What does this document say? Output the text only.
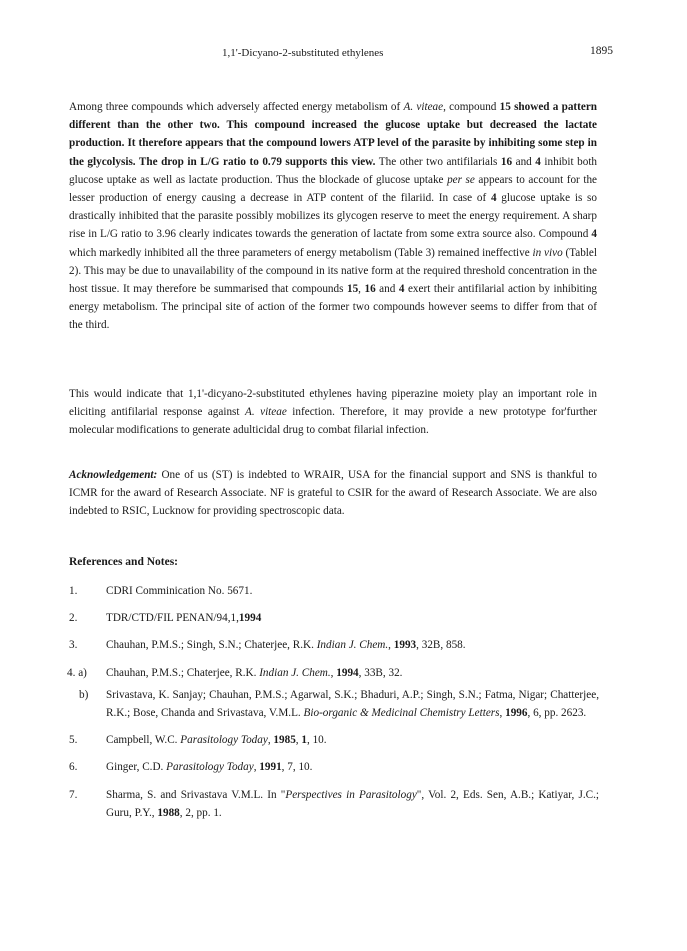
1,1'-Dicyano-2-substituted ethylenes	1895

Among three compounds which adversely affected energy metabolism of A. viteae, compound 15 showed a pattern different than the other two. This compound increased the glucose uptake but decreased the lactate production. It therefore appears that the compound lowers ATP level of the parasite by inhibiting some step in the glycolysis. The drop in L/G ratio to 0.79 supports this view. The other two antifilarials 16 and 4 inhibit both glucose uptake as well as lactate production. Thus the blockade of glucose uptake per se appears to account for the lesser production of energy causing a decrease in ATP content of the filariid. In case of 4 glucose uptake is so drastically inhibited that the parasite possibly mobilizes its glycogen reserve to meet the energy requirement. A sharp rise in L/G ratio to 3.96 clearly indicates towards the generation of lactate from some extra source also. Compound 4 which markedly inhibited all the three parameters of energy metabolism (Table 3) remained ineffective in vivo (Tablel 2). This may be due to unavailability of the compound in its native form at the required threshold concentration in the host tissue. It may therefore be summarised that compounds 15, 16 and 4 exert their antifilarial action by inhibiting energy metabolism. The principal site of action of the former two compounds however seems to differ from that of the third.

This would indicate that 1,1'-dicyano-2-substituted ethylenes having piperazine moiety play an important role in eliciting antifilarial response against A. viteae infection. Therefore, it may provide a new prototype for'further molecular modifications to generate adulticidal drug to combat filarial infection.

Acknowledgement: One of us (ST) is indebted to WRAIR, USA for the financial support and SNS is thankful to ICMR for the award of Research Associate. NF is grateful to CSIR for the award of Research Associate. We are also indebted to RSIC, Lucknow for providing spectroscopic data.

References and Notes:
1.	CDRI Comminication No. 5671.
2.	TDR/CTD/FIL PENAN/94,1,1994
3.	Chauhan, P.M.S.; Singh, S.N.; Chaterjee, R.K. Indian J. Chem., 1993, 32B, 858.
4. a)	Chauhan, P.M.S.; Chaterjee, R.K. Indian J. Chem., 1994, 33B, 32.
b)	Srivastava, K. Sanjay; Chauhan, P.M.S.; Agarwal, S.K.; Bhaduri, A.P.; Singh, S.N.; Fatma, Nigar; Chatterjee, R.K.; Bose, Chanda and Srivastava, V.M.L. Bio-organic & Medicinal Chemistry Letters, 1996, 6, pp. 2623.
5.	Campbell, W.C. Parasitology Today, 1985, 1, 10.
6.	Ginger, C.D. Parasitology Today, 1991, 7, 10.
7.	Sharma, S. and Srivastava V.M.L. In "Perspectives in Parasitology", Vol. 2, Eds. Sen, A.B.; Katiyar, J.C.; Guru, P.Y., 1988, 2, pp. 1.
